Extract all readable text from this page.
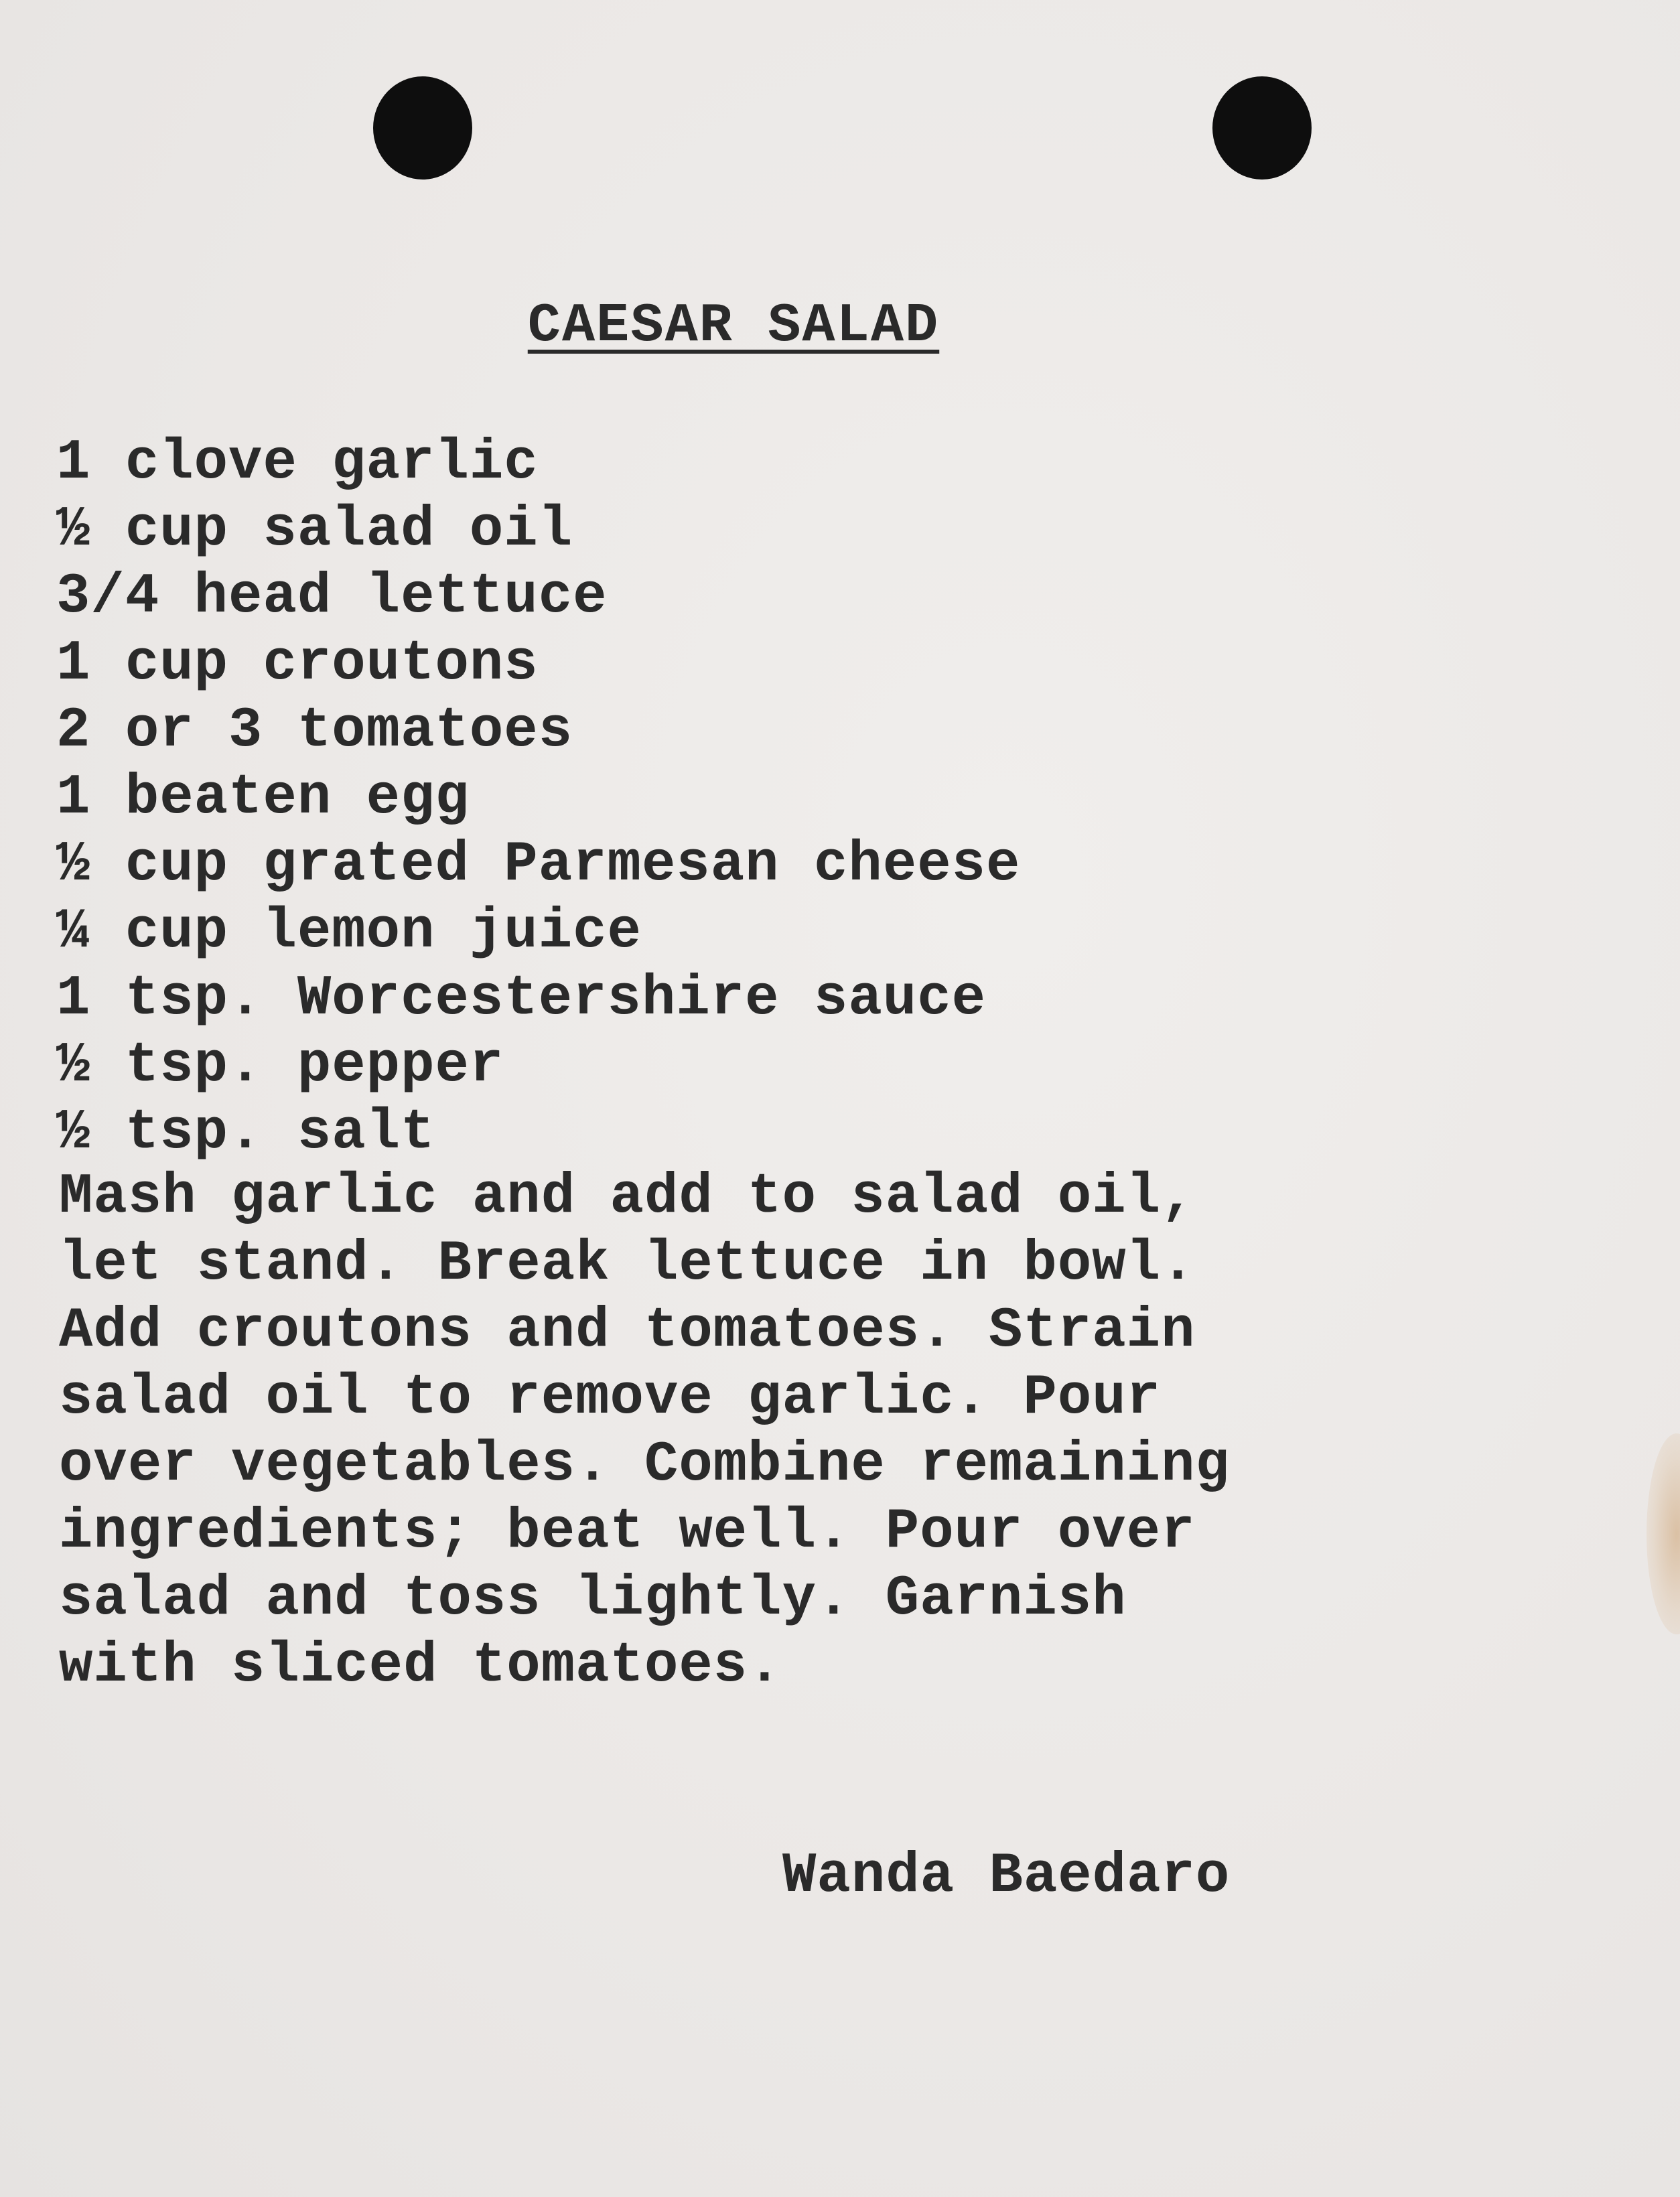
CAESAR SALAD
1 clove garlic
½ cup salad oil
3/4 head lettuce
1 cup croutons
2 or 3 tomatoes
1 beaten egg
½ cup grated Parmesan cheese
¼ cup lemon juice
1 tsp. Worcestershire sauce
½ tsp. pepper
½ tsp. salt
Mash garlic and add to salad oil,
let stand. Break lettuce in bowl.
Add croutons and tomatoes. Strain
salad oil to remove garlic. Pour
over vegetables. Combine remaining
ingredients; beat well. Pour over
salad and toss lightly. Garnish
with sliced tomatoes.

Wanda Baedaro
